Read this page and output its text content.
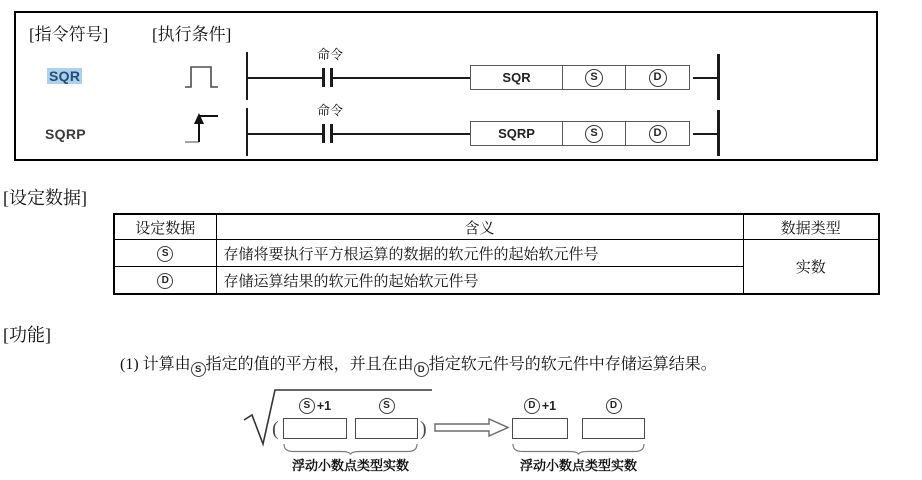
[指令符号]	[执行条件]
SQR
命令
SQR	S	D
SQRP
命令
SQRP	S	D
[设定数据]
设定数据	含义	数据类型
S	存储将要执行平方根运算的数据的软元件的起始软元件号	实数
D	存储运算结果的软元件的起始软元件号	
[功能]
(1) 计算由 S 指定的值的平方根，并且在由 D 指定软元件号的软元件中存储运算结果。
(	)
S +1	S
浮动小数点类型实数
D +1	D
浮动小数点类型实数
